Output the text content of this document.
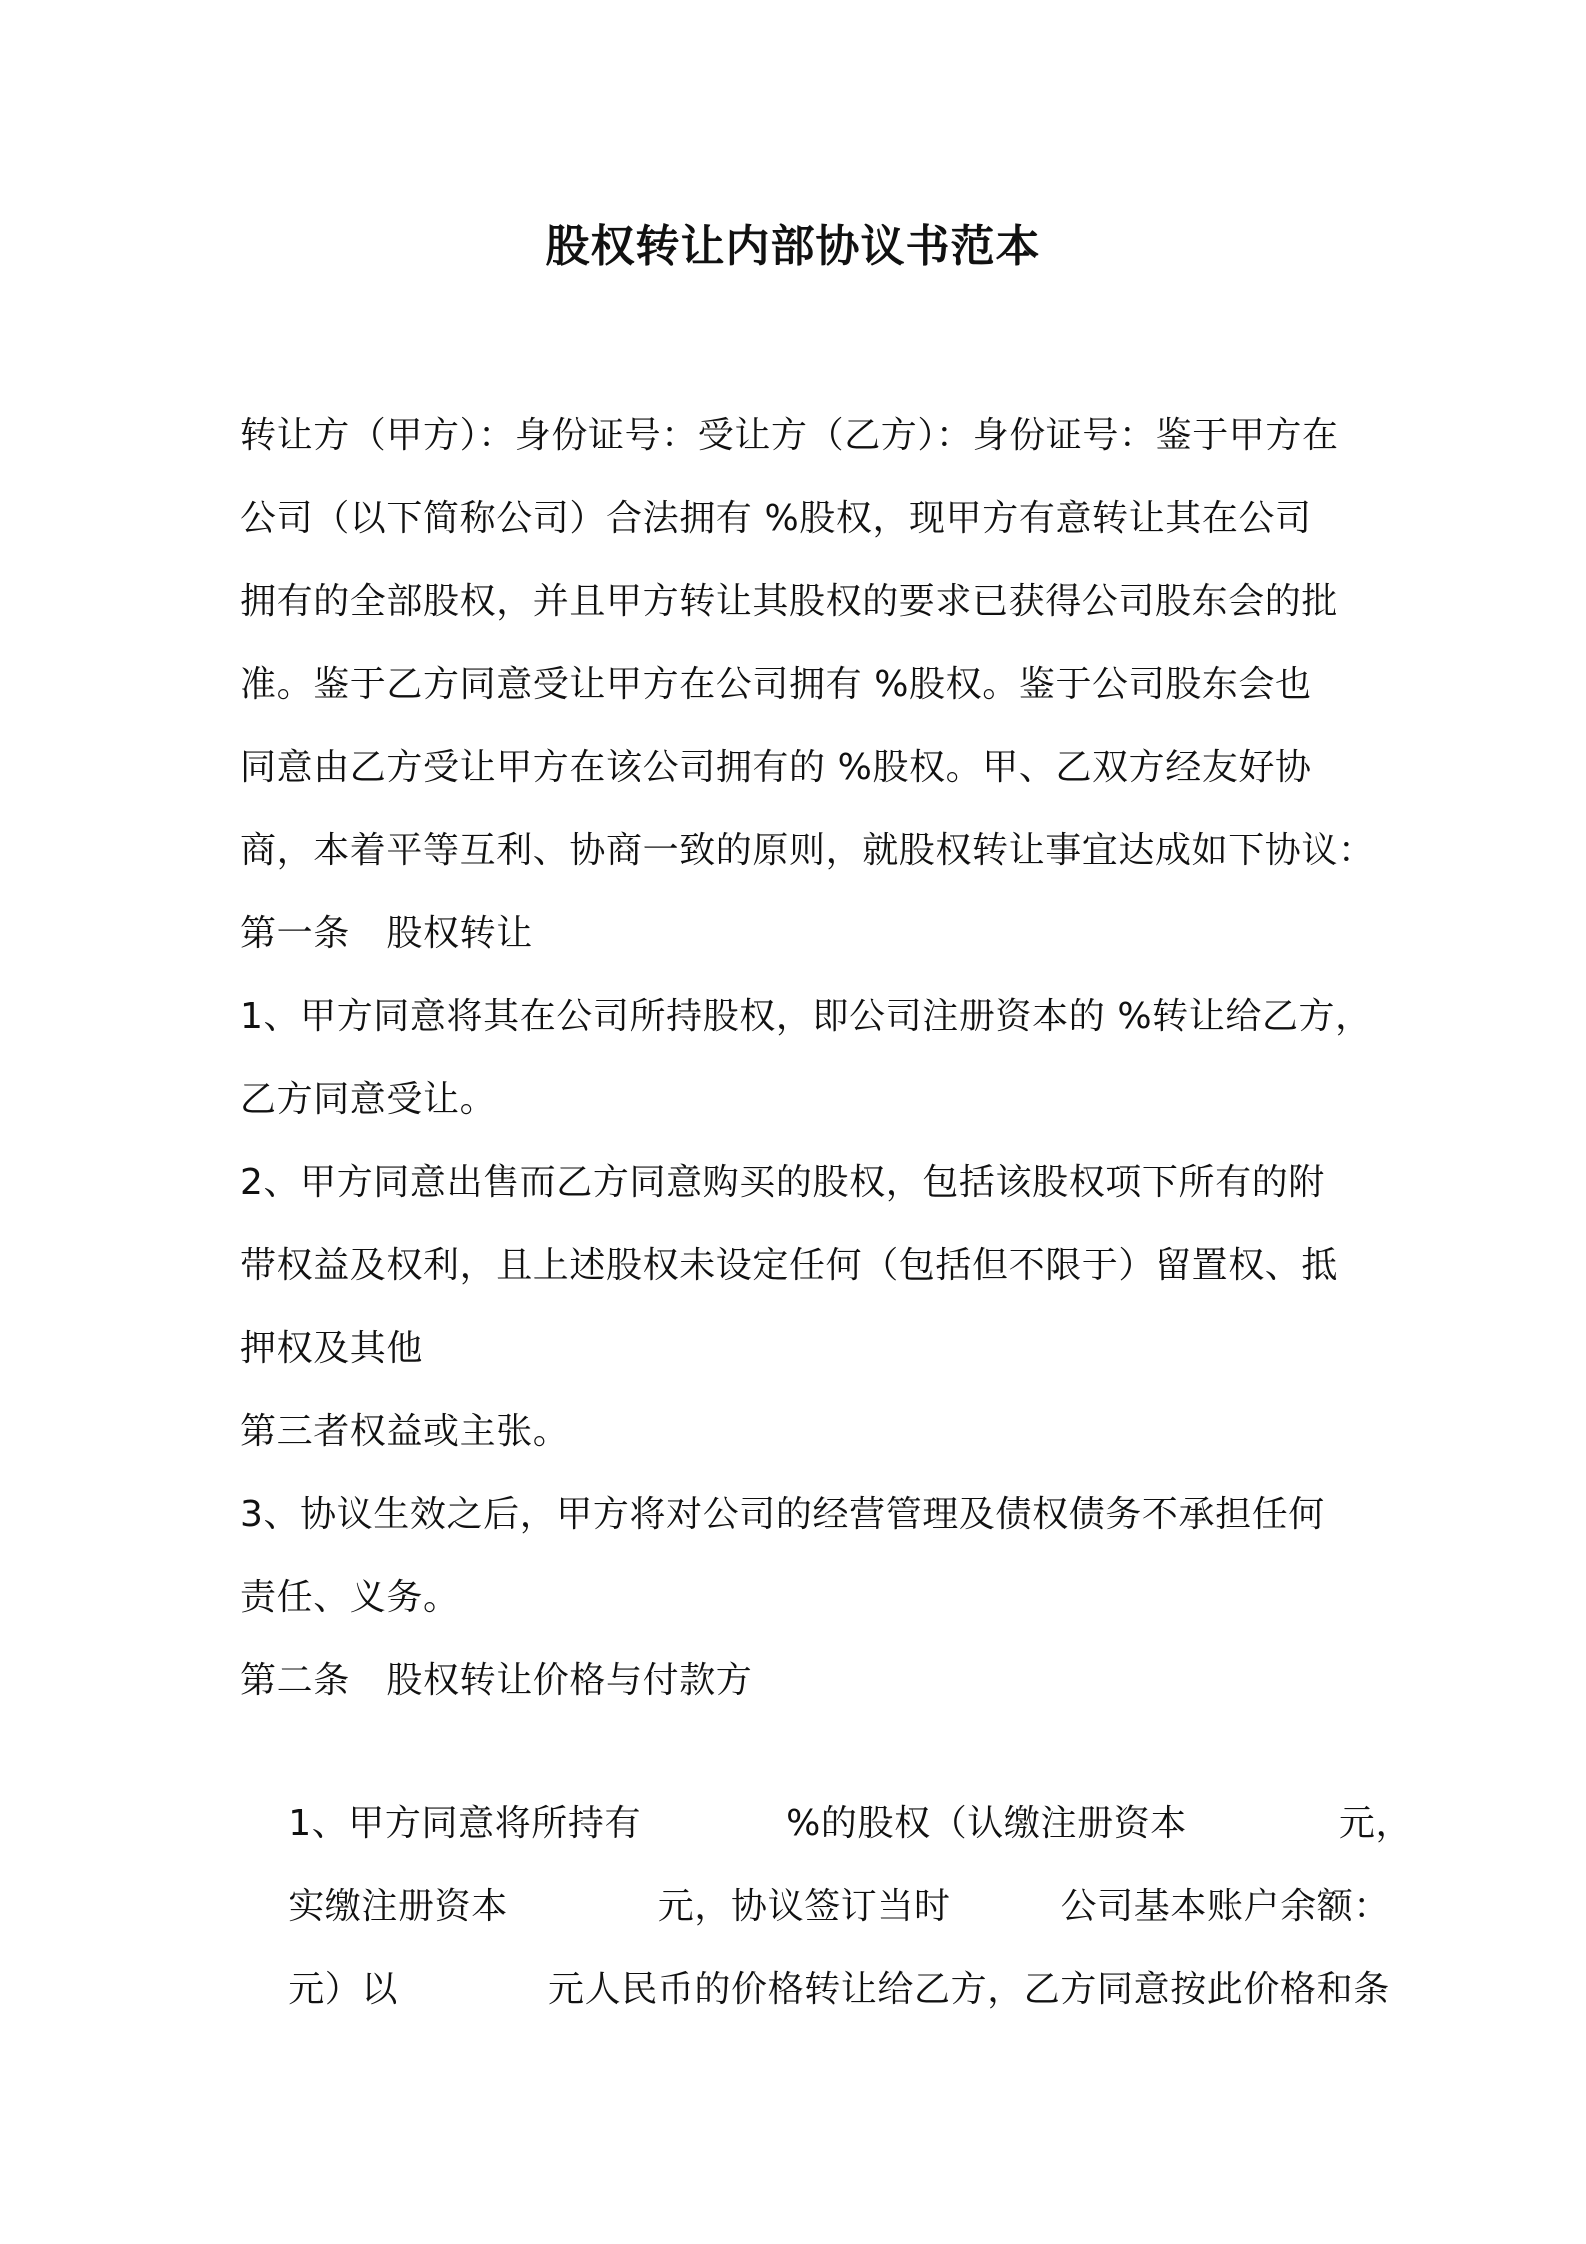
股权转让内部协议书范本
转让方（甲方）：身份证号：受让方（乙方）：身份证号：鉴于甲方在
公司（以下简称公司）合法拥有 %股权，现甲方有意转让其在公司
拥有的全部股权，并且甲方转让其股权的要求已获得公司股东会的批
准。鉴于乙方同意受让甲方在公司拥有 %股权。鉴于公司股东会也
同意由乙方受让甲方在该公司拥有的 %股权。甲、乙双方经友好协
商，本着平等互利、协商一致的原则，就股权转让事宜达成如下协议：
第一条　股权转让
1、甲方同意将其在公司所持股权，即公司注册资本的 %转让给乙方，
乙方同意受让。
2、甲方同意出售而乙方同意购买的股权，包括该股权项下所有的附
带权益及权利，且上述股权未设定任何（包括但不限于）留置权、抵
押权及其他
第三者权益或主张。
3、协议生效之后，甲方将对公司的经营管理及债权债务不承担任何
责任、义务。
第二条　股权转让价格与付款方

1、甲方同意将所持有	%的股权（认缴注册资本	元，

实缴注册资本	元，协议签订当时	公司基本账户余额：

元）以	元人民币的价格转让给乙方，乙方同意按此价格和条
